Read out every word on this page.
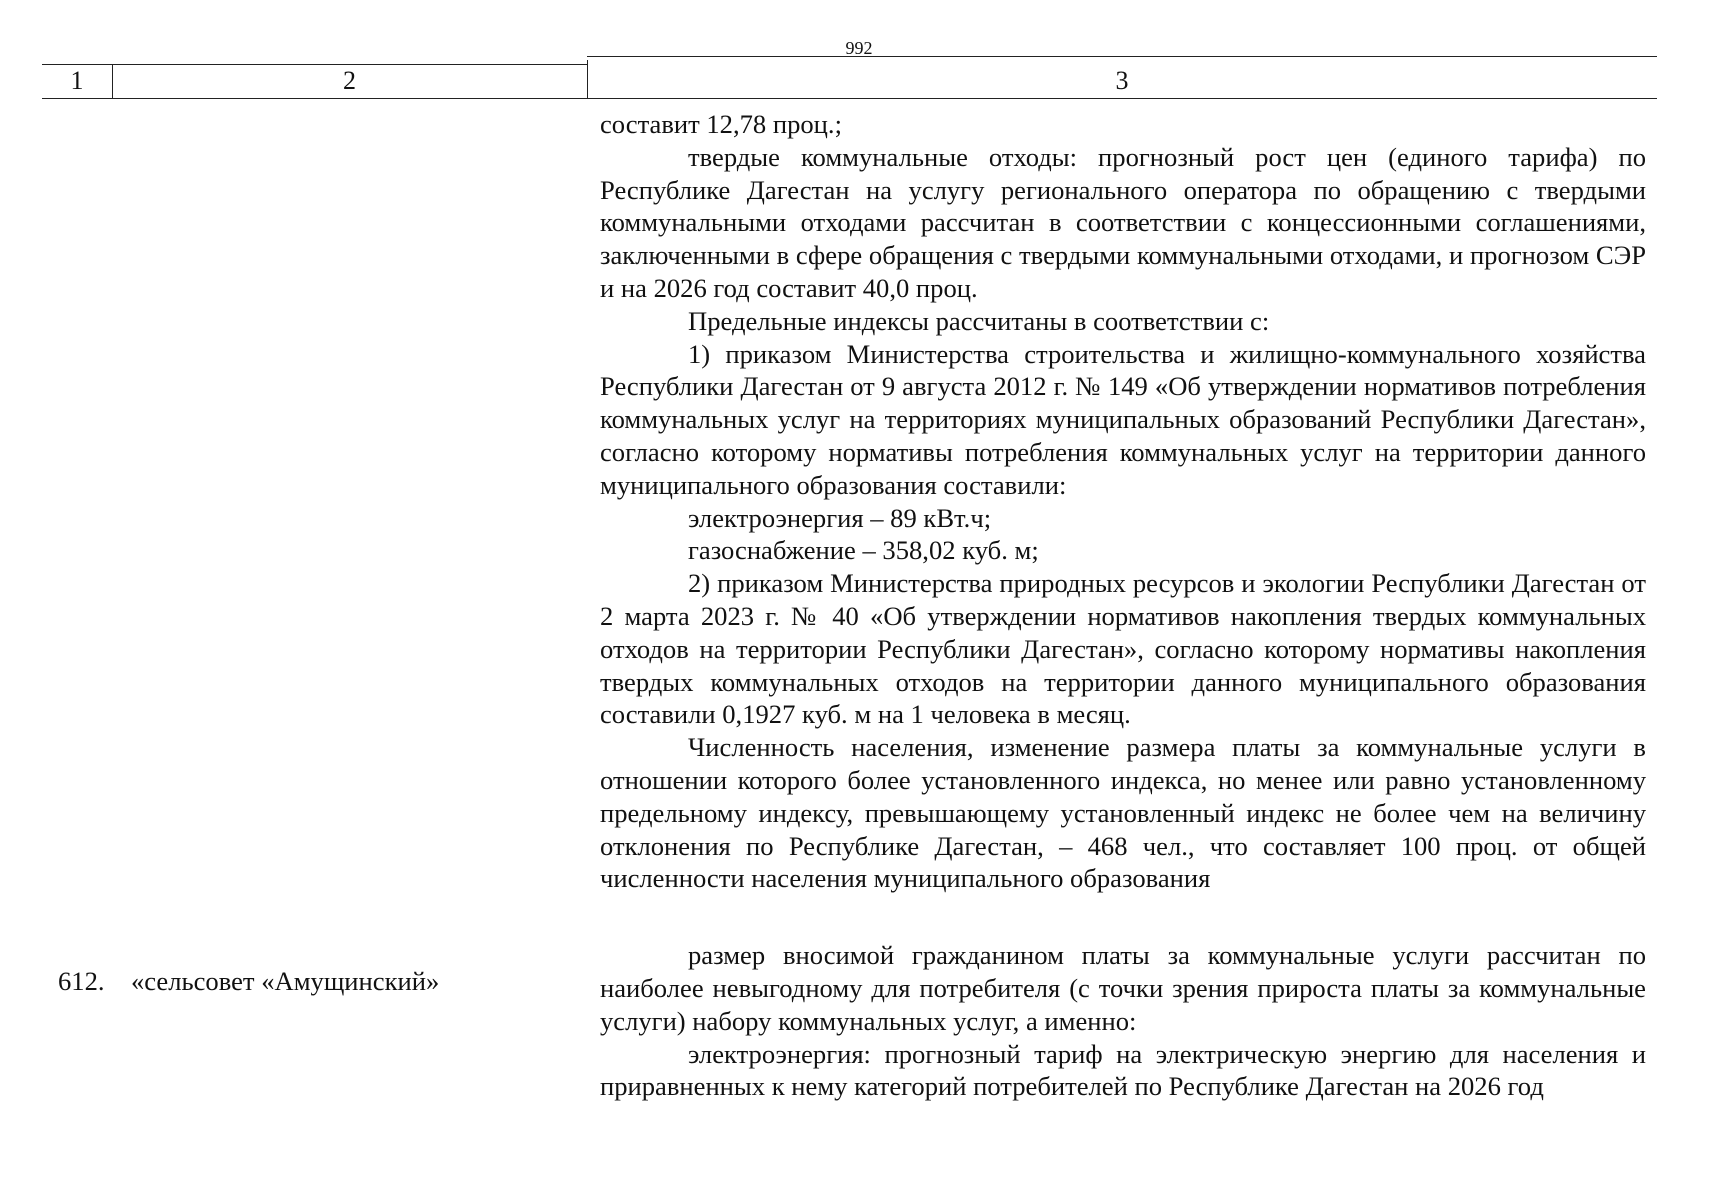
992
1	2	3
612. «сельсовет «Амущинский»

составит 12,78 проц.;

твердые коммунальные отходы: прогнозный рост цен (единого тарифа) по Республике Дагестан на услугу регионального оператора по обращению с твердыми коммунальными отходами рассчитан в соответствии с концессионными соглашениями, заключенными в сфере обращения с твердыми коммунальными отходами, и прогнозом СЭР и на 2026 год составит 40,0 проц.

Предельные индексы рассчитаны в соответствии с:

1) приказом Министерства строительства и жилищно-коммунального хозяйства Республики Дагестан от 9 августа 2012 г. № 149 «Об утверждении нормативов потребления коммунальных услуг на территориях муниципальных образований Республики Дагестан», согласно которому нормативы потребления коммунальных услуг на территории данного муниципального образования составили:

электроэнергия – 89 кВт.ч;

газоснабжение – 358,02 куб. м;

2) приказом Министерства природных ресурсов и экологии Республики Дагестан от 2 марта 2023 г. № 40 «Об утверждении нормативов накопления твердых коммунальных отходов на территории Республики Дагестан», согласно которому нормативы накопления твердых коммунальных отходов на территории данного муниципального образования составили 0,1927 куб. м на 1 человека в месяц.

Численность населения, изменение размера платы за коммунальные услуги в отношении которого более установленного индекса, но менее или равно установленному предельному индексу, превышающему установленный индекс не более чем на величину отклонения по Республике Дагестан, – 468 чел., что составляет 100 проц. от общей численности населения муниципального образования

размер вносимой гражданином платы за коммунальные услуги рассчитан по наиболее невыгодному для потребителя (с точки зрения прироста платы за коммунальные услуги) набору коммунальных услуг, а именно:

электроэнергия: прогнозный тариф на электрическую энергию для населения и приравненных к нему категорий потребителей по Республике Дагестан на 2026 год
